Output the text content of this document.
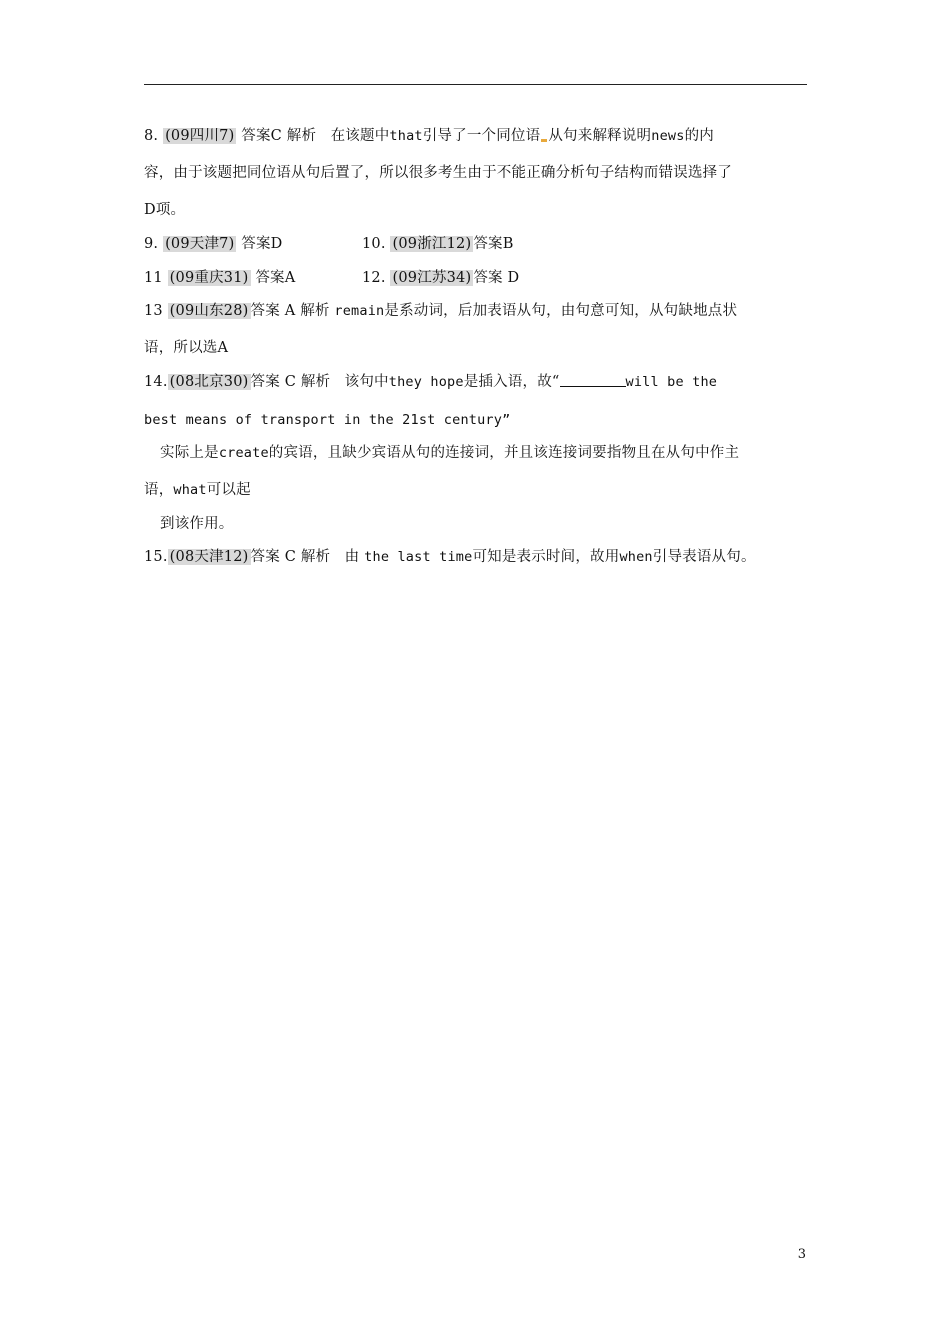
8. (09四川7) 答案C 解析 在该题中that引导了一个同位语 从句来解释说明news的内
容，由于该题把同位语从句后置了，所以很多考生由于不能正确分析句子结构而错误选择了
D项。
9. (09天津7) 答案D	10. (09浙江12) 答案B
11 (09重庆31) 答案A	12. (09江苏34) 答案 D
13 (09山东28) 答案 A 解析 remain是系动词，后加表语从句，由句意可知，从句缺地点状
语，所以选A
14. (08北京30) 答案 C 解析 该句中they hope是插入语，故“	will be the
best means of transport in the 21st century”
实际上是create的宾语，且缺少宾语从句的连接词，并且该连接词要指物且在从句中作主
语，what可以起
到该作用。
15. (08天津12) 答案 C 解析 由 the last time可知是表示时间，故用when引导表语从句。
3
